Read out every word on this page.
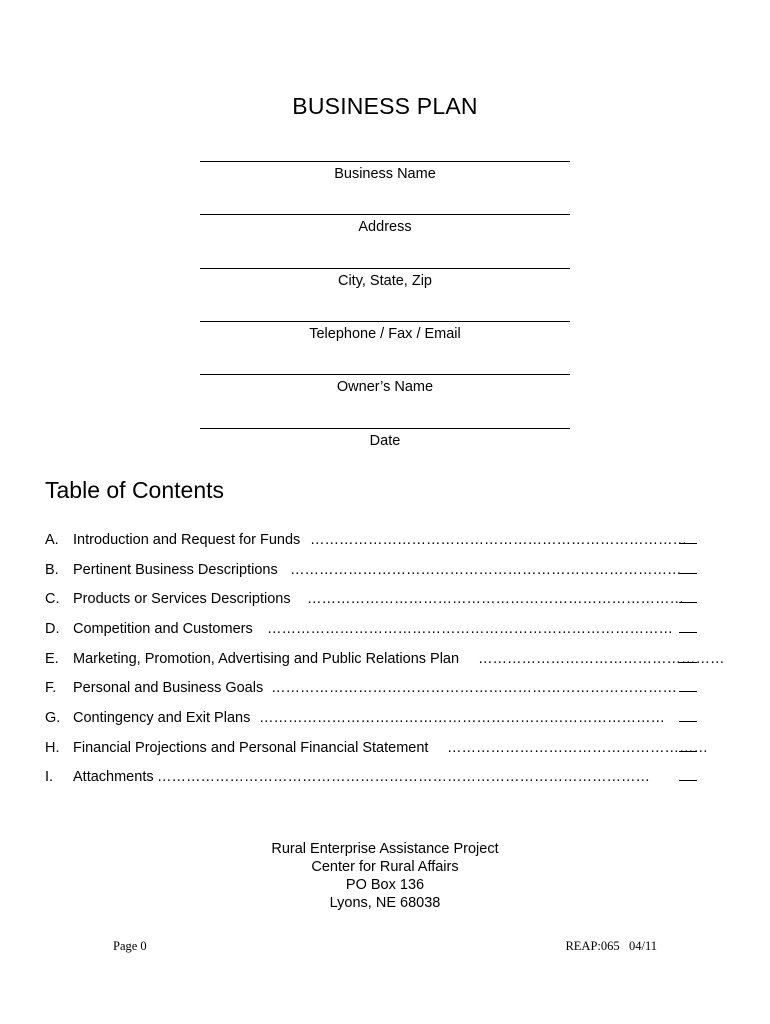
BUSINESS PLAN
Business Name
Address
City, State, Zip
Telephone / Fax / Email
Owner’s Name
Date
Table of Contents
A. Introduction and Request for Funds ……………………………………………………………………
B. Pertinent Business Descriptions ………………………………………………………………………
C. Products or Services Descriptions ……………………………………………………………………
D. Competition and Customers …………………………………………………………………………
E. Marketing, Promotion, Advertising and Public Relations Plan ……………………………………………
F. Personal and Business Goals …………………………………………………………………………
G. Contingency and Exit Plans …………………………………………………………………………
H. Financial Projections and Personal Financial Statement ………………………………………………
I. Attachments …………………………………………………………………………………………
Rural Enterprise Assistance Project
Center for Rural Affairs
PO Box 136
Lyons, NE 68038
Page 0	REAP:065   04/11
